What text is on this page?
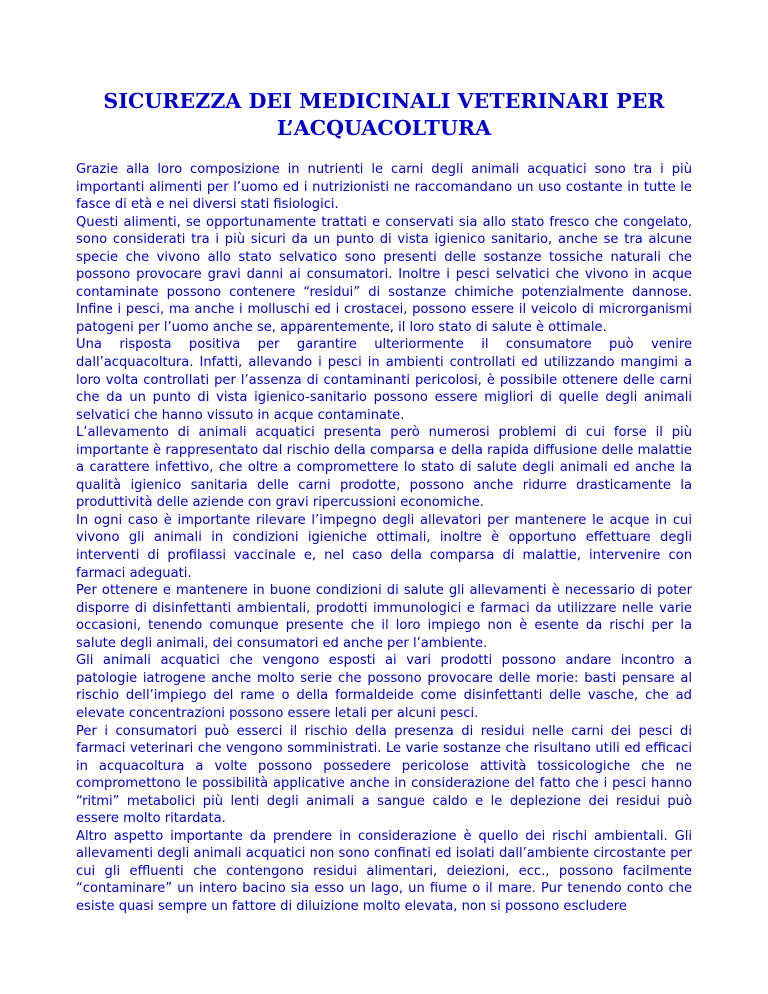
SICUREZZA DEI MEDICINALI VETERINARI PER
L’ACQUACOLTURA

Grazie alla loro composizione in nutrienti le carni degli animali acquatici sono tra i più importanti alimenti per l’uomo ed i nutrizionisti ne raccomandano un uso costante in tutte le fasce di età e nei diversi stati fisiologici.

Questi alimenti, se opportunamente trattati e conservati sia allo stato fresco che congelato, sono considerati tra i più sicuri da un punto di vista igienico sanitario, anche se tra alcune specie che vivono allo stato selvatico sono presenti delle sostanze tossiche naturali che possono provocare gravi danni ai consumatori. Inoltre i pesci selvatici che vivono in acque contaminate possono contenere “residui” di sostanze chimiche potenzialmente dannose. Infine i pesci, ma anche i molluschi ed i crostacei, possono essere il veicolo di microrganismi patogeni per l’uomo anche se, apparentemente, il loro stato di salute è ottimale.

Una risposta positiva per garantire ulteriormente il consumatore può venire dall’acquacoltura. Infatti, allevando i pesci in ambienti controllati ed utilizzando mangimi a loro volta controllati per l’assenza di contaminanti pericolosi, è possibile ottenere delle carni che da un punto di vista igienico-sanitario possono essere migliori di quelle degli animali selvatici che hanno vissuto in acque contaminate.

L’allevamento di animali acquatici presenta però numerosi problemi di cui forse il più importante è rappresentato dal rischio della comparsa e della rapida diffusione delle malattie a carattere infettivo, che oltre a compromettere lo stato di salute degli animali ed anche la qualità igienico sanitaria delle carni prodotte, possono anche ridurre drasticamente la produttività delle aziende con gravi ripercussioni economiche.

In ogni caso è importante rilevare l’impegno degli allevatori per mantenere le acque in cui vivono gli animali in condizioni igieniche ottimali, inoltre è opportuno effettuare degli interventi di profilassi vaccinale e, nel caso della comparsa di malattie, intervenire con farmaci adeguati.

Per ottenere e mantenere in buone condizioni di salute gli allevamenti è necessario di poter disporre di disinfettanti ambientali, prodotti immunologici e farmaci da utilizzare nelle varie occasioni, tenendo comunque presente che il loro impiego non è esente da rischi per la salute degli animali, dei consumatori ed anche per l’ambiente.

Gli animali acquatici che vengono esposti ai vari prodotti possono andare incontro a patologie iatrogene anche molto serie che possono provocare delle morie: basti pensare al rischio dell’impiego del rame o della formaldeide come disinfettanti delle vasche, che ad elevate concentrazioni possono essere letali per alcuni pesci.

Per i consumatori può esserci il rischio della presenza di residui nelle carni dei pesci di farmaci veterinari che vengono somministrati. Le varie sostanze che risultano utili ed efficaci in acquacoltura a volte possono possedere pericolose attività tossicologiche che ne compromettono le possibilità applicative anche in considerazione del fatto che i pesci hanno “ritmi” metabolici più lenti degli animali a sangue caldo e le deplezione dei residui può essere molto ritardata.

Altro aspetto importante da prendere in considerazione è quello dei rischi ambientali. Gli allevamenti degli animali acquatici non sono confinati ed isolati dall’ambiente circostante per cui gli effluenti che contengono residui alimentari, deiezioni, ecc., possono facilmente “contaminare” un intero bacino sia esso un lago, un fiume o il mare. Pur tenendo conto che esiste quasi sempre un fattore di diluizione molto elevata, non si possono escludere
